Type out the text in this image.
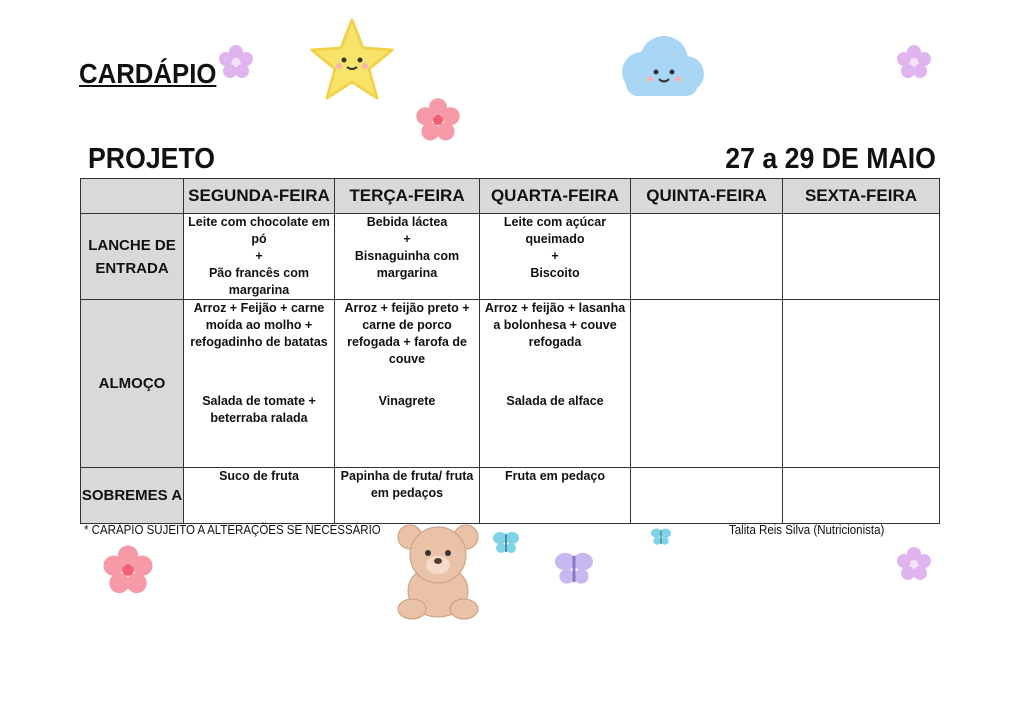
CARDÁPIO
PROJETO	27 a 29 DE MAIO
	SEGUNDA-FEIRA	TERÇA-FEIRA	QUARTA-FEIRA	QUINTA-FEIRA	SEXTA-FEIRA
LANCHE DE ENTRADA	Leite com chocolate em
pó
+
Pão francês com
margarina	Bebida láctea
+
Bisnaguinha com
margarina	Leite com açúcar
queimado
+
Biscoito		

ALMOÇO	Arroz + Feijão + carne
moída ao molho +
refogadinho de batatas
Salada de tomate +
beterraba ralada	Arroz + feijão preto +
carne de porco
refogada + farofa de
couve
Vinagrete	Arroz + feijão + lasanha
a bolonhesa + couve
refogada
Salada de alface		

SOBREMES A	Suco de fruta	Papinha de fruta/ fruta
em pedaços	Fruta em pedaço		

* CARÁPIO SUJEITO A ALTERAÇÕES SE NECESSÁRIO	Talita Reis Silva (Nutricionista)
